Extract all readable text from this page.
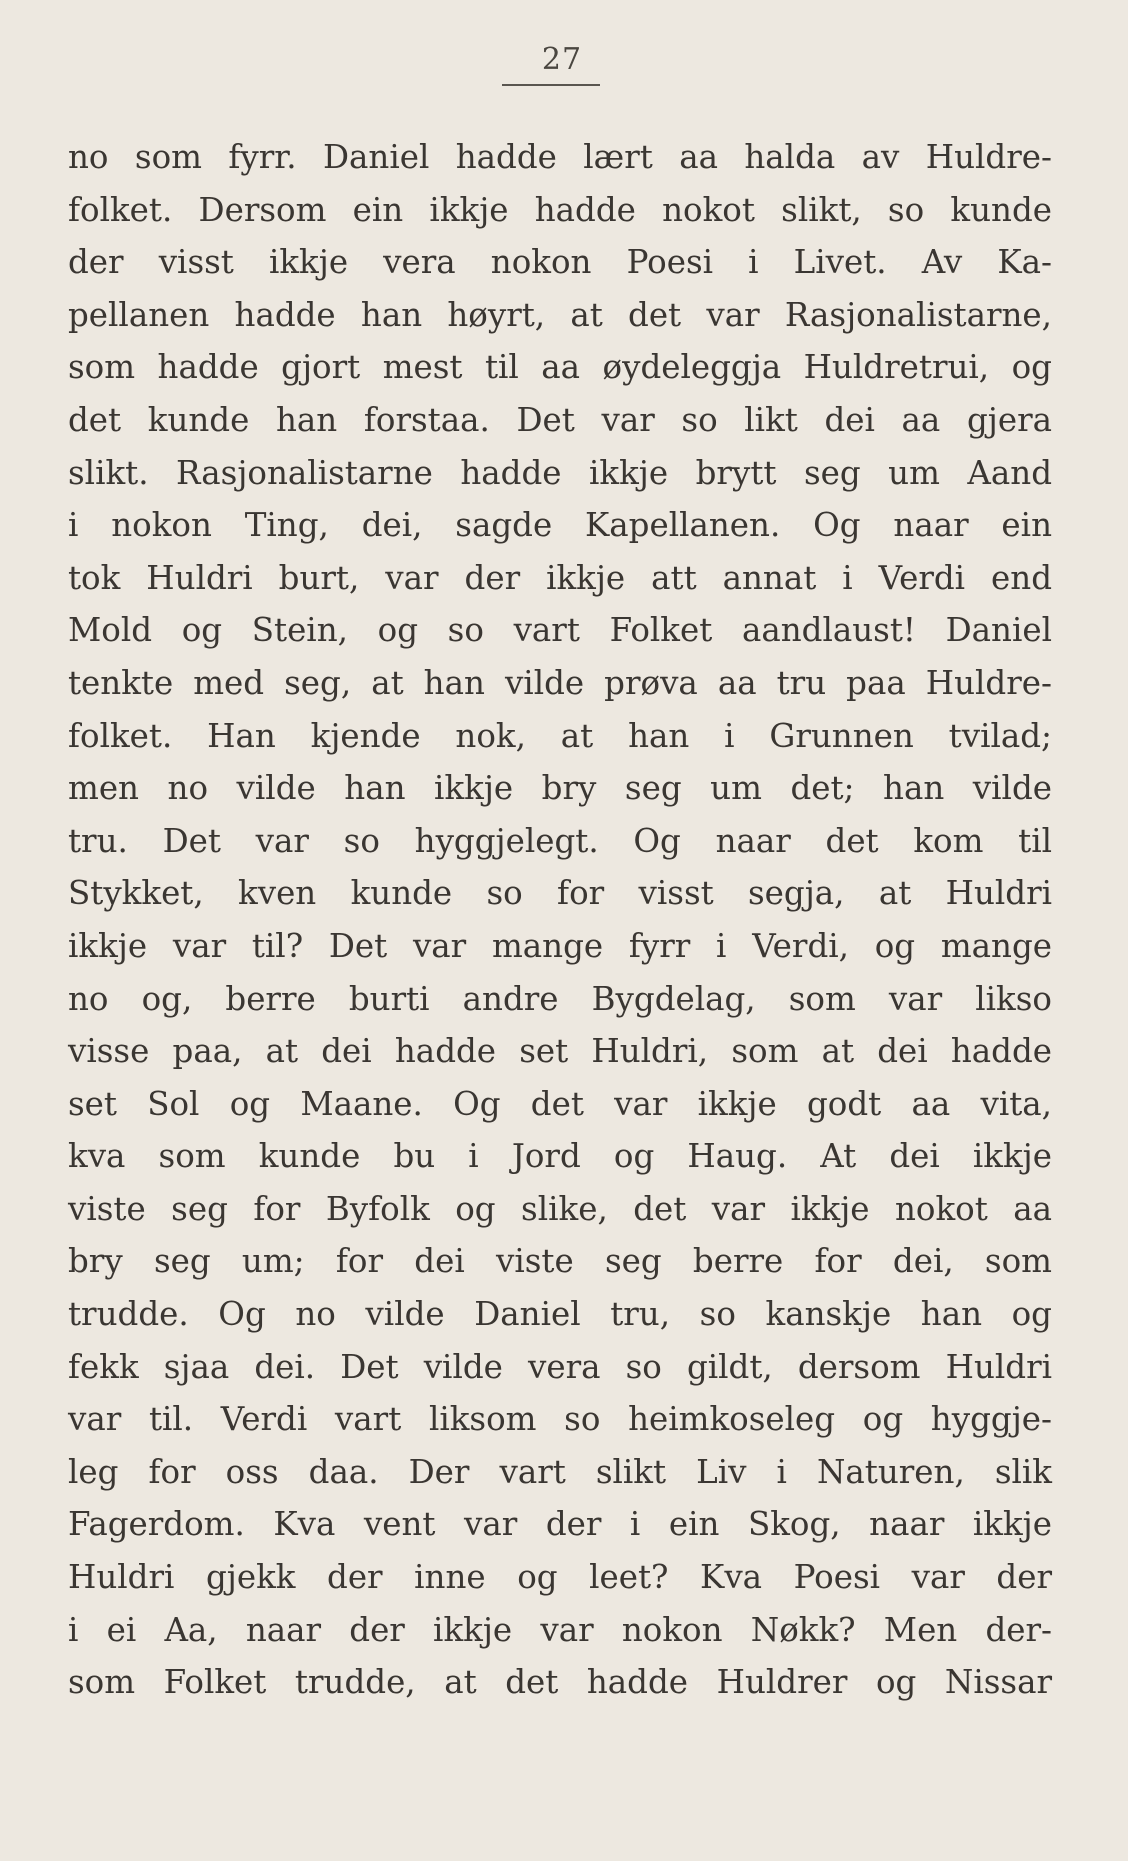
27
no som fyrr. Daniel hadde lært aa halda av Huldre-
folket. Dersom ein ikkje hadde nokot slikt, so kunde
der visst ikkje vera nokon Poesi i Livet. Av Ka-
pellanen hadde han høyrt, at det var Rasjonalistarne,
som hadde gjort mest til aa øydeleggja Huldretrui, og
det kunde han forstaa. Det var so likt dei aa gjera
slikt. Rasjonalistarne hadde ikkje brytt seg um Aand
i nokon Ting, dei, sagde Kapellanen. Og naar ein
tok Huldri burt, var der ikkje att annat i Verdi end
Mold og Stein, og so vart Folket aandlaust! Daniel
tenkte med seg, at han vilde prøva aa tru paa Huldre-
folket. Han kjende nok, at han i Grunnen tvilad;
men no vilde han ikkje bry seg um det; han vilde
tru. Det var so hyggjelegt. Og naar det kom til
Stykket, kven kunde so for visst segja, at Huldri
ikkje var til? Det var mange fyrr i Verdi, og mange
no og, berre burti andre Bygdelag, som var likso
visse paa, at dei hadde set Huldri, som at dei hadde
set Sol og Maane. Og det var ikkje godt aa vita,
kva som kunde bu i Jord og Haug. At dei ikkje
viste seg for Byfolk og slike, det var ikkje nokot aa
bry seg um; for dei viste seg berre for dei, som
trudde. Og no vilde Daniel tru, so kanskje han og
fekk sjaa dei. Det vilde vera so gildt, dersom Huldri
var til. Verdi vart liksom so heimkoseleg og hyggje-
leg for oss daa. Der vart slikt Liv i Naturen, slik
Fagerdom. Kva vent var der i ein Skog, naar ikkje
Huldri gjekk der inne og leet? Kva Poesi var der
i ei Aa, naar der ikkje var nokon Nøkk? Men der-
som Folket trudde, at det hadde Huldrer og Nissar
